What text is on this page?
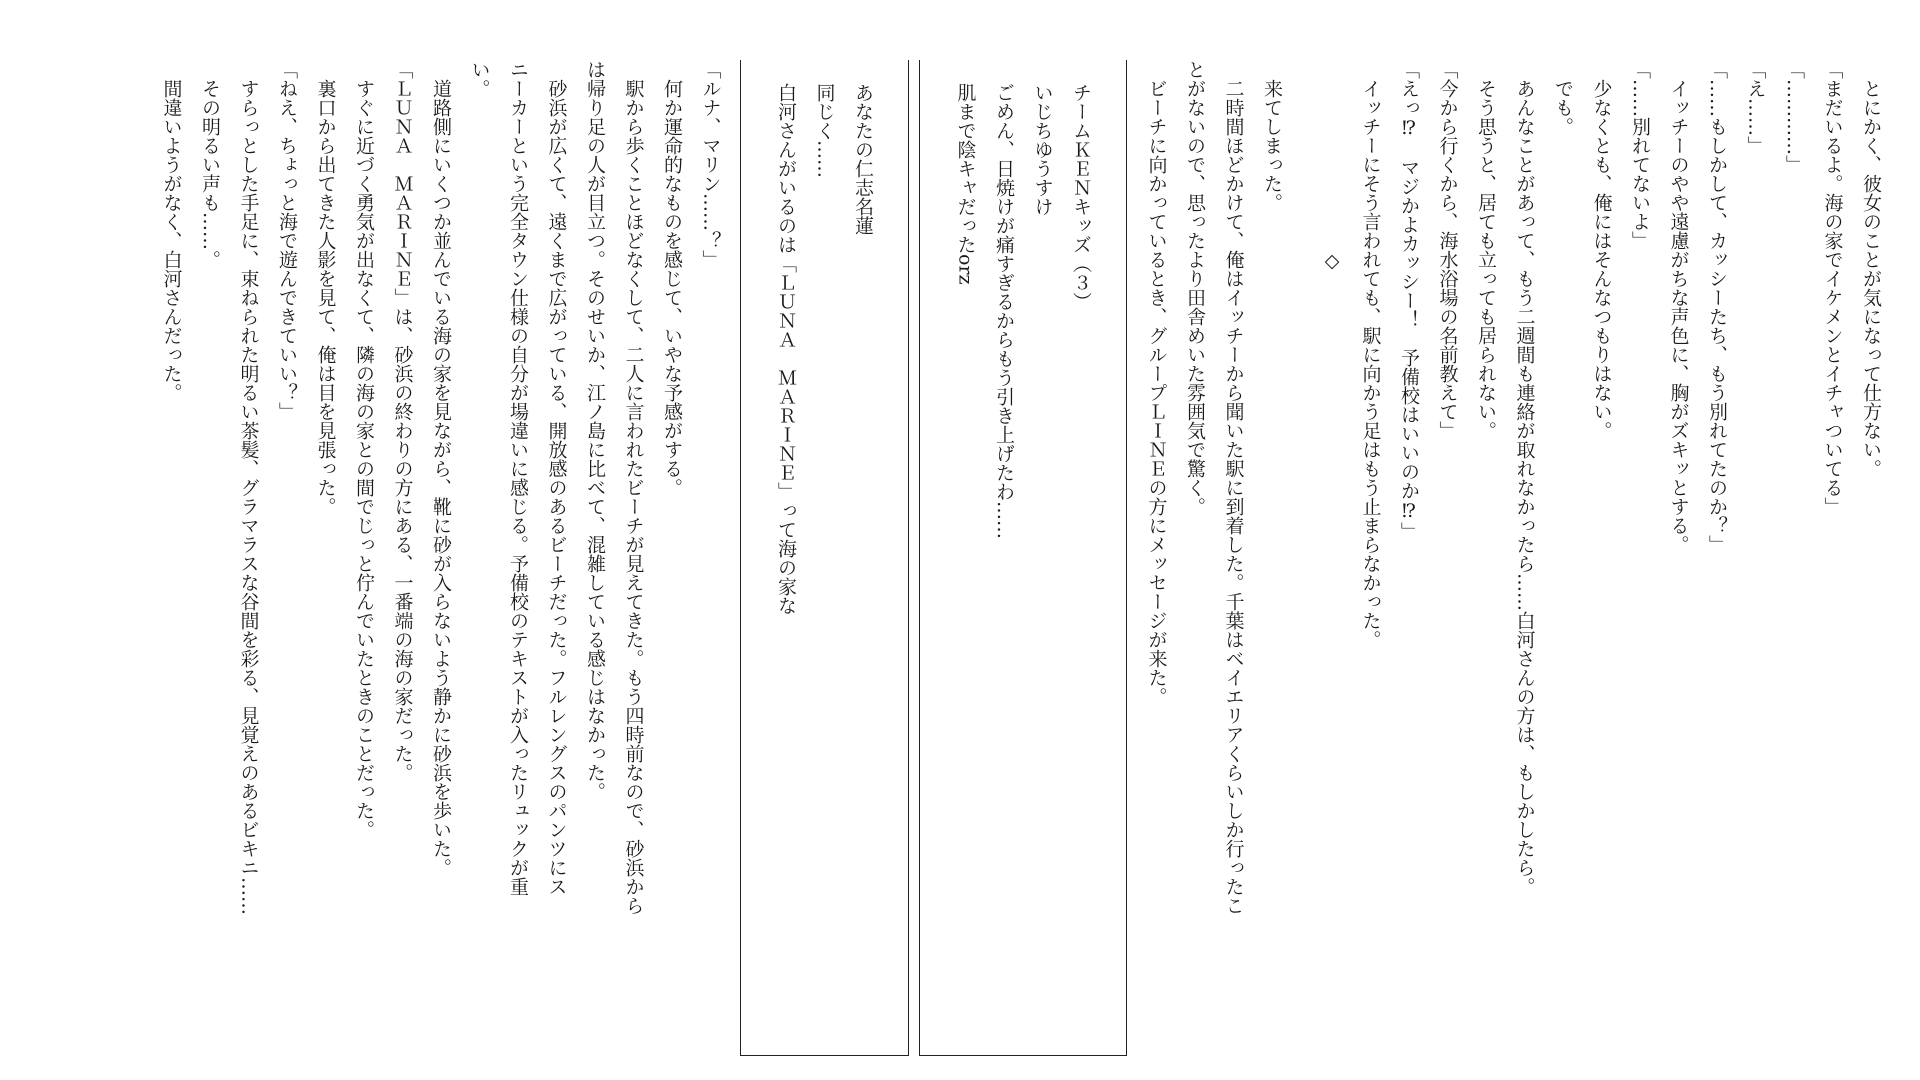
とにかく、彼女のことが気になって仕方ない。
「まだいるよ。海の家でイケメンとイチャついてる」
「…………」
「え……」
「……もしかして、カッシーたち、もう別れてたのか？」
イッチーのやや遠慮がちな声色に、胸がズキッとする。
「……別れてないよ」
少なくとも、俺にはそんなつもりはない。
でも。
あんなことがあって、もう二週間も連絡が取れなかったら……白河さんの方は、もしかしたら。
そう思うと、居ても立っても居られない。
「今から行くから、海水浴場の名前教えて」
「えっ⁉　マジかよカッシー！　予備校はいいのか⁉」
イッチーにそう言われても、駅に向かう足はもう止まらなかった。
◇
来てしまった。
二時間ほどかけて、俺はイッチーから聞いた駅に到着した。千葉はベイエリアくらいしか行ったこ
とがないので、思ったより田舎めいた雰囲気で驚く。
ビーチに向かっているとき、グループＬＩＮＥの方にメッセージが来た。
チームＫＥＮキッズ（３）
いじちゆうすけ
ごめん、日焼けが痛すぎるからもう引き上げたわ……
肌まで陰キャだったorz
あなたの仁志名蓮
同じく……
白河さんがいるのは「ＬＵＮＡ　ＭＡＲＩＮＥ」って海の家な
「ルナ、マリン……？」
何か運命的なものを感じて、いやな予感がする。
駅から歩くことほどなくして、二人に言われたビーチが見えてきた。もう四時前なので、砂浜から
は帰り足の人が目立つ。そのせいか、江ノ島に比べて、混雑している感じはなかった。
砂浜が広くて、遠くまで広がっている、開放感のあるビーチだった。フルレングスのパンツにス
ニーカーという完全タウン仕様の自分が場違いに感じる。予備校のテキストが入ったリュックが重
い。
道路側にいくつか並んでいる海の家を見ながら、靴に砂が入らないよう静かに砂浜を歩いた。
「ＬＵＮＡ　ＭＡＲＩＮＥ」は、砂浜の終わりの方にある、一番端の海の家だった。
すぐに近づく勇気が出なくて、隣の海の家との間でじっと佇んでいたときのことだった。
裏口から出てきた人影を見て、俺は目を見張った。
「ねえ、ちょっと海で遊んできていい？」
すらっとした手足に、束ねられた明るい茶髪、グラマラスな谷間を彩る、見覚えのあるビキニ……
その明るい声も……。
間違いようがなく、白河さんだった。
